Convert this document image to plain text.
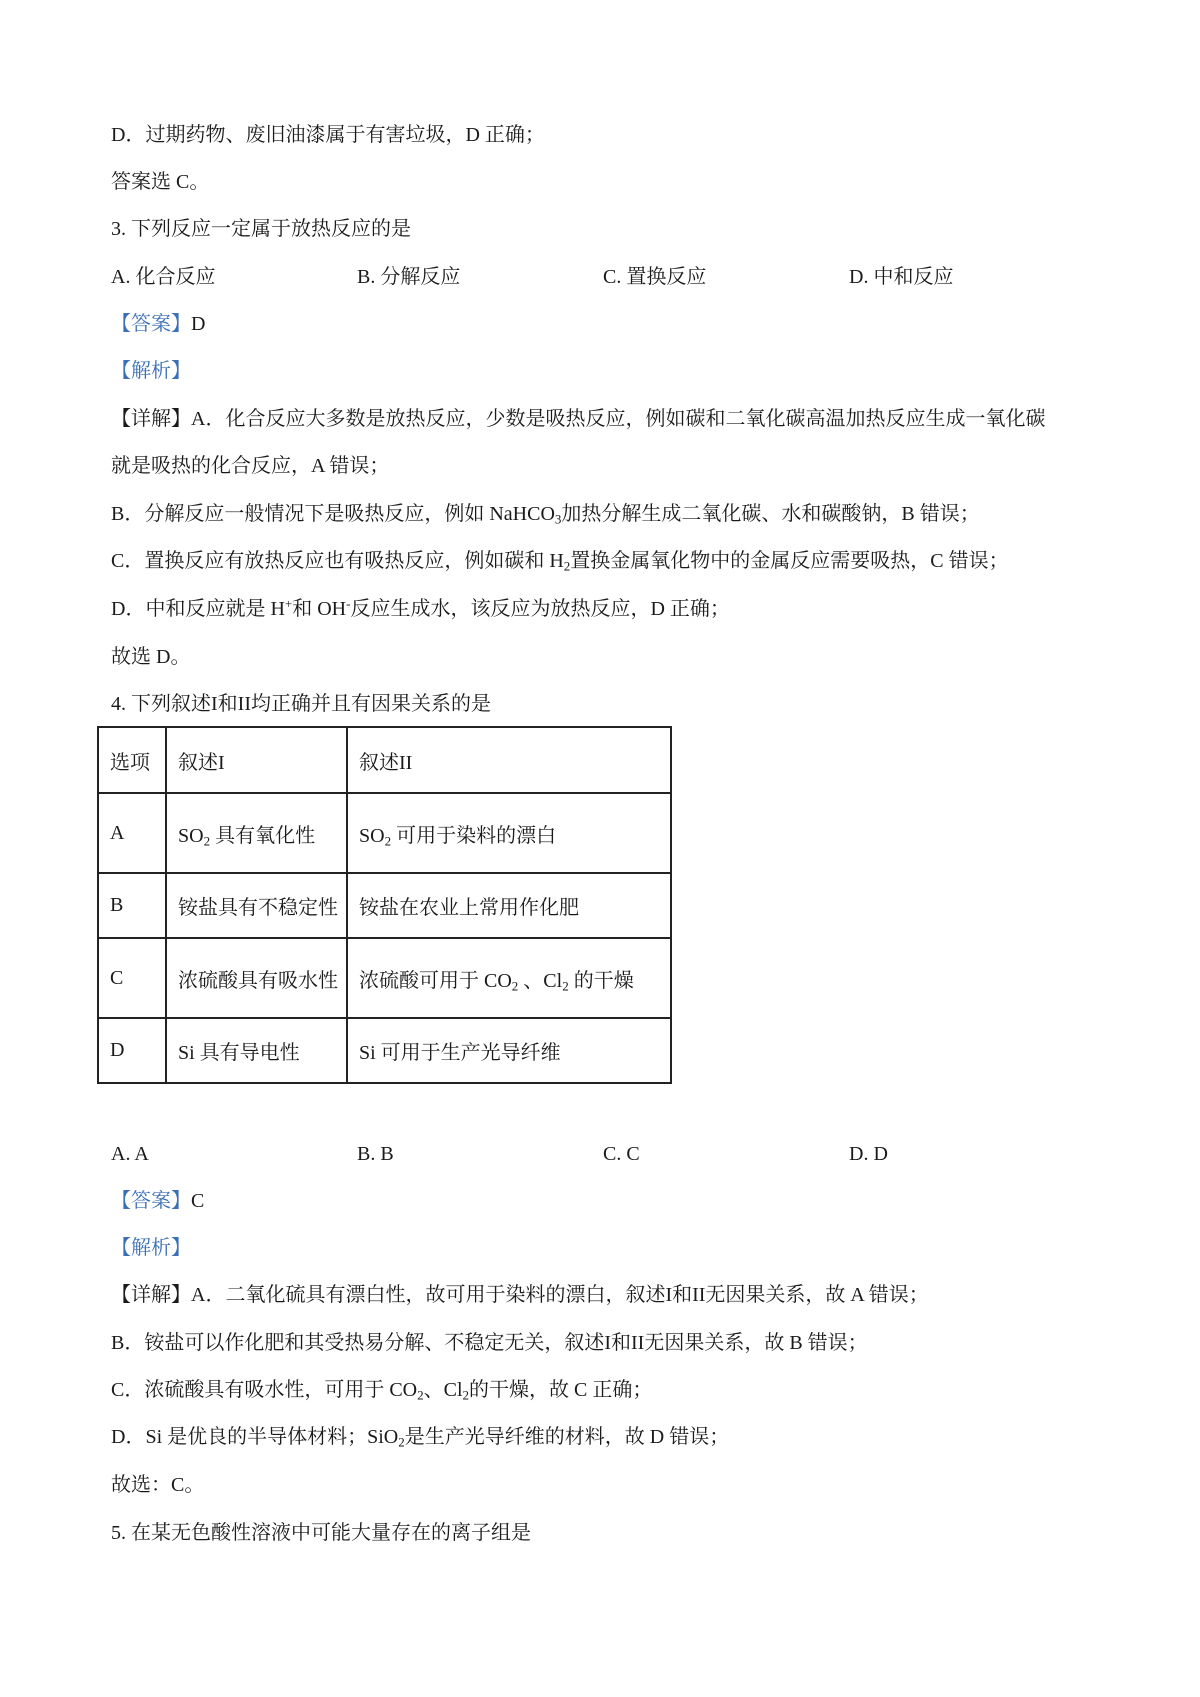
D．过期药物、废旧油漆属于有害垃圾，D 正确；
答案选 C。
3. 下列反应一定属于放热反应的是
A. 化合反应	B. 分解反应	C. 置换反应	D. 中和反应
【答案】D
【解析】
【详解】A．化合反应大多数是放热反应，少数是吸热反应，例如碳和二氧化碳高温加热反应生成一氧化碳
就是吸热的化合反应，A 错误；
B．分解反应一般情况下是吸热反应，例如 NaHCO$_3$加热分解生成二氧化碳、水和碳酸钠，B 错误；
C．置换反应有放热反应也有吸热反应，例如碳和 $H_2$置换金属氧化物中的金属反应需要吸热，C 错误；
D．中和反应就是 H+和 OH-反应生成水，该反应为放热反应，D 正确；
故选 D。
4. 下列叙述I和II均正确并且有因果关系的是
选项	叙述I	叙述II
A	$SO_2$ 具有氧化性	$SO_2$ 可用于染料的漂白
B	铵盐具有不稳定性	铵盐在农业上常用作化肥
C	浓硫酸具有吸水性	浓硫酸可用于 $CO_2$ 、$Cl_2$ 的干燥
D	Si 具有导电性	Si 可用于生产光导纤维
A. A	B. B	C. C	D. D
【答案】C
【解析】
【详解】A．二氧化硫具有漂白性，故可用于染料的漂白，叙述I和II无因果关系，故 A 错误；
B．铵盐可以作化肥和其受热易分解、不稳定无关，叙述I和II无因果关系，故 B 错误；
C．浓硫酸具有吸水性，可用于 $CO_2$、$Cl_2$的干燥，故 C 正确；
D．Si 是优良的半导体材料；SiO$_2$是生产光导纤维的材料，故 D 错误；
故选：C。
5. 在某无色酸性溶液中可能大量存在的离子组是
